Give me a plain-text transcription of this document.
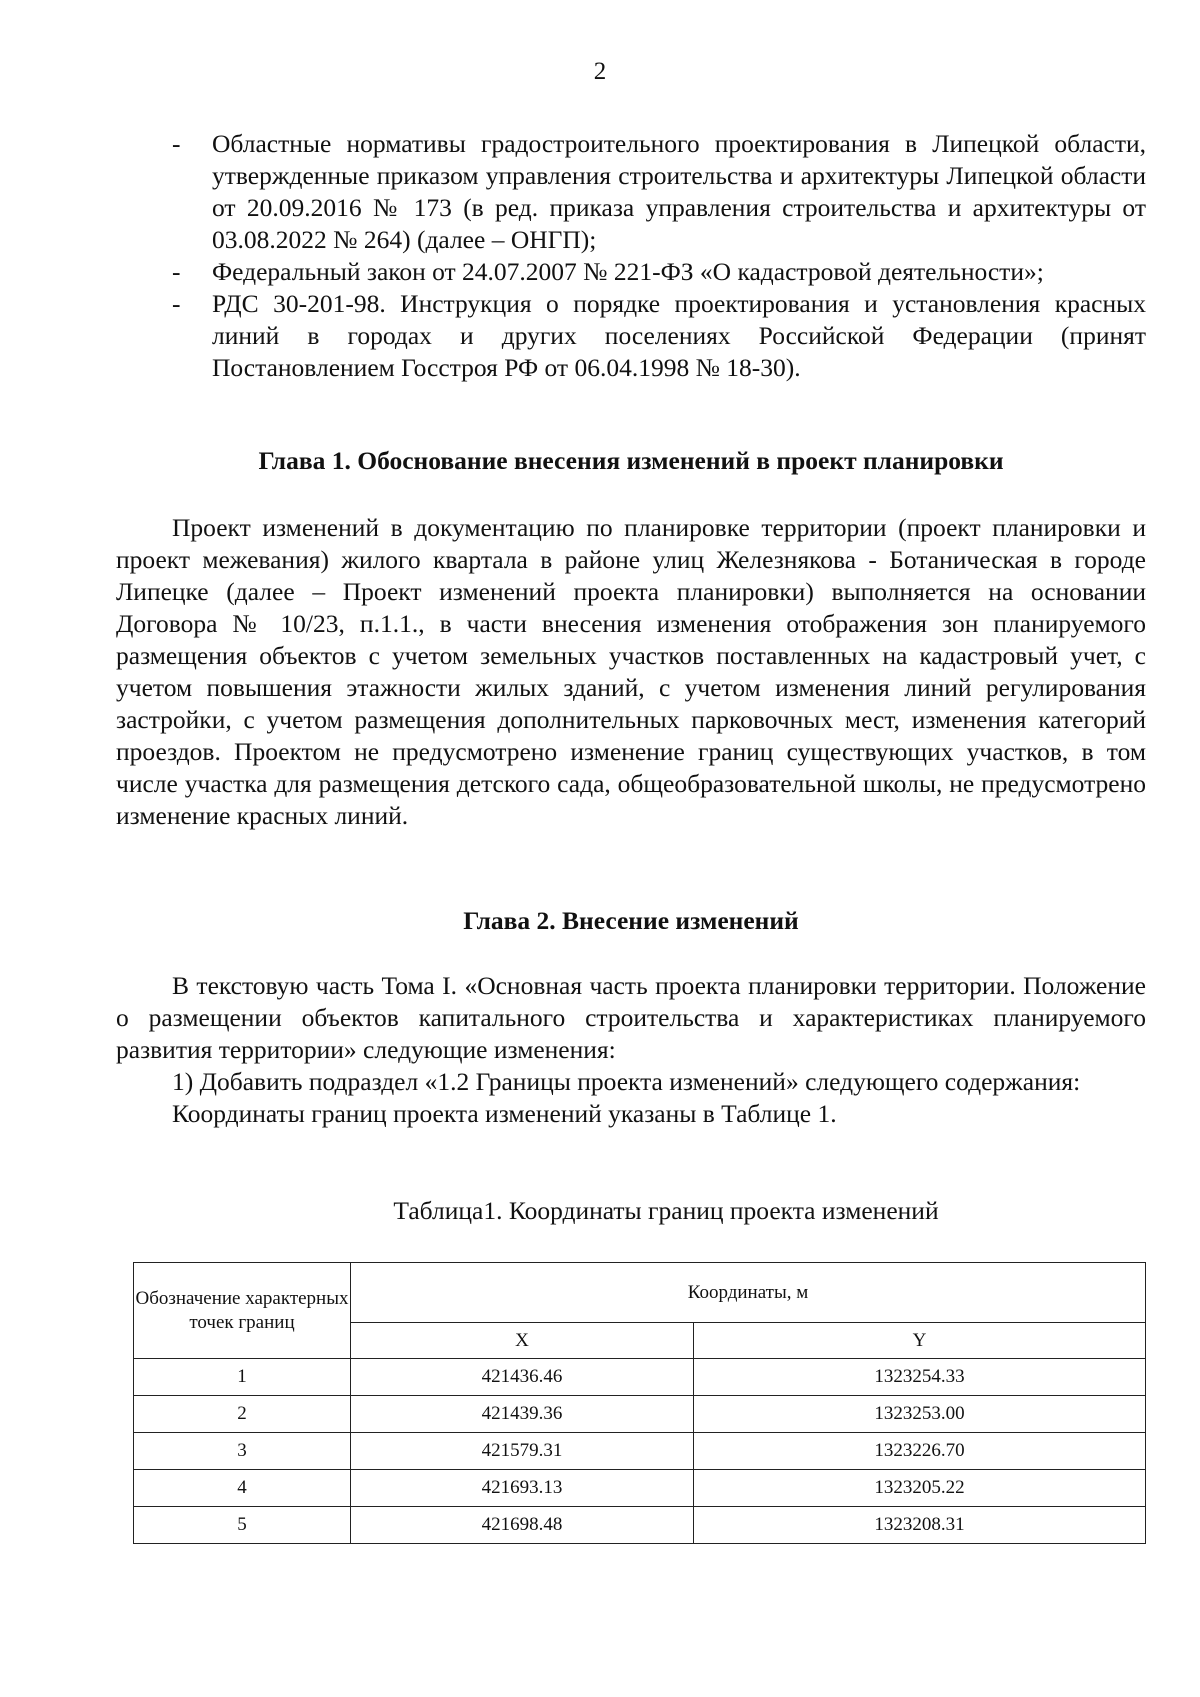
2

-	Областные нормативы градостроительного проектирования в Липецкой области, утвержденные приказом управления строительства и архитектуры Липецкой области от 20.09.2016 № 173 (в ред. приказа управления строительства и архитектуры от 03.08.2022 № 264) (далее – ОНГП);

-	Федеральный закон от 24.07.2007 № 221-ФЗ «О кадастровой деятельности»;

-	РДС 30-201-98. Инструкция о порядке проектирования и установления красных линий в городах и других поселениях Российской Федерации (принят Постановлением Госстроя РФ от 06.04.1998 № 18-30).

Глава 1. Обоснование внесения изменений в проект планировки

Проект изменений в документацию по планировке территории (проект планировки и проект межевания) жилого квартала в районе улиц Железнякова - Ботаническая в городе Липецке (далее – Проект изменений проекта планировки) выполняется на основании Договора № 10/23, п.1.1., в части внесения изменения отображения зон планируемого размещения объектов с учетом земельных участков поставленных на кадастровый учет, с учетом повышения этажности жилых зданий, с учетом изменения линий регулирования застройки, с учетом размещения дополнительных парковочных мест, изменения категорий проездов. Проектом не предусмотрено изменение границ существующих участков, в том числе участка для размещения детского сада, общеобразовательной школы, не предусмотрено изменение красных линий.

Глава 2. Внесение изменений

В текстовую часть Тома I. «Основная часть проекта планировки территории. Положение о размещении объектов капитального строительства и характеристиках планируемого развития территории» следующие изменения:

1) Добавить подраздел «1.2 Границы проекта изменений» следующего содержания:

Координаты границ проекта изменений указаны в Таблице 1.

Таблица1. Координаты границ проекта изменений
Обозначение характерных точек границ	Координаты, м	
	X	Y
1	421436.46	1323254.33
2	421439.36	1323253.00
3	421579.31	1323226.70
4	421693.13	1323205.22
5	421698.48	1323208.31
